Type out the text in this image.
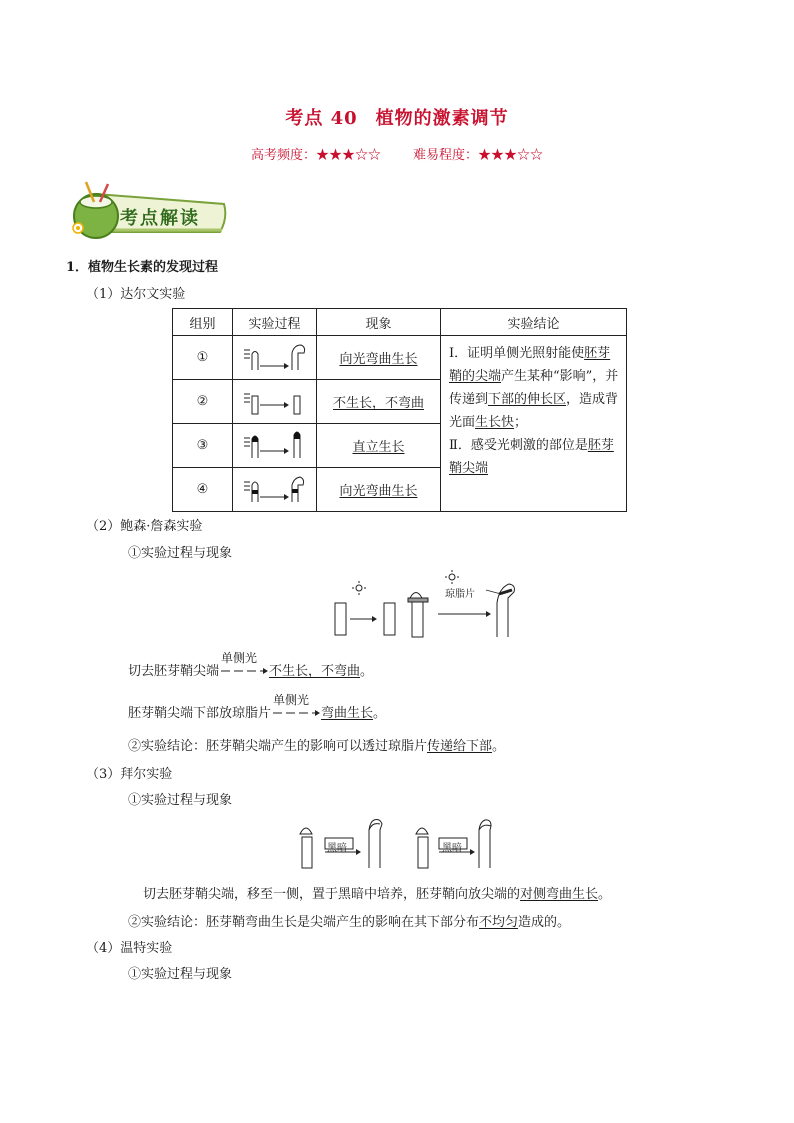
考点 40 植物的激素调节
高考频度：★★★☆☆ 难易程度：★★★☆☆
考点解读
1．植物生长素的发现过程
（1）达尔文实验
组别	实验过程	现象	实验结论
①		向光弯曲生长	Ⅰ．证明单侧光照射能使胚芽鞘的尖端产生某种“影响”，并传递到下部的伸长区，造成背光面生长快；
Ⅱ．感受光刺激的部位是胚芽鞘尖端
②		不生长，不弯曲	
③		直立生长	
④		向光弯曲生长	
（2）鲍森·詹森实验
①实验过程与现象
琼脂片
切去胚芽鞘尖端
单侧光
不生长，不弯曲。
胚芽鞘尖端下部放琼脂片
单侧光
弯曲生长。
②实验结论：胚芽鞘尖端产生的影响可以透过琼脂片传递给下部。
（3）拜尔实验
①实验过程与现象
黑暗	黑暗
切去胚芽鞘尖端，移至一侧，置于黑暗中培养，胚芽鞘向放尖端的对侧弯曲生长。
②实验结论：胚芽鞘弯曲生长是尖端产生的影响在其下部分布不均匀造成的。
（4）温特实验
①实验过程与现象
